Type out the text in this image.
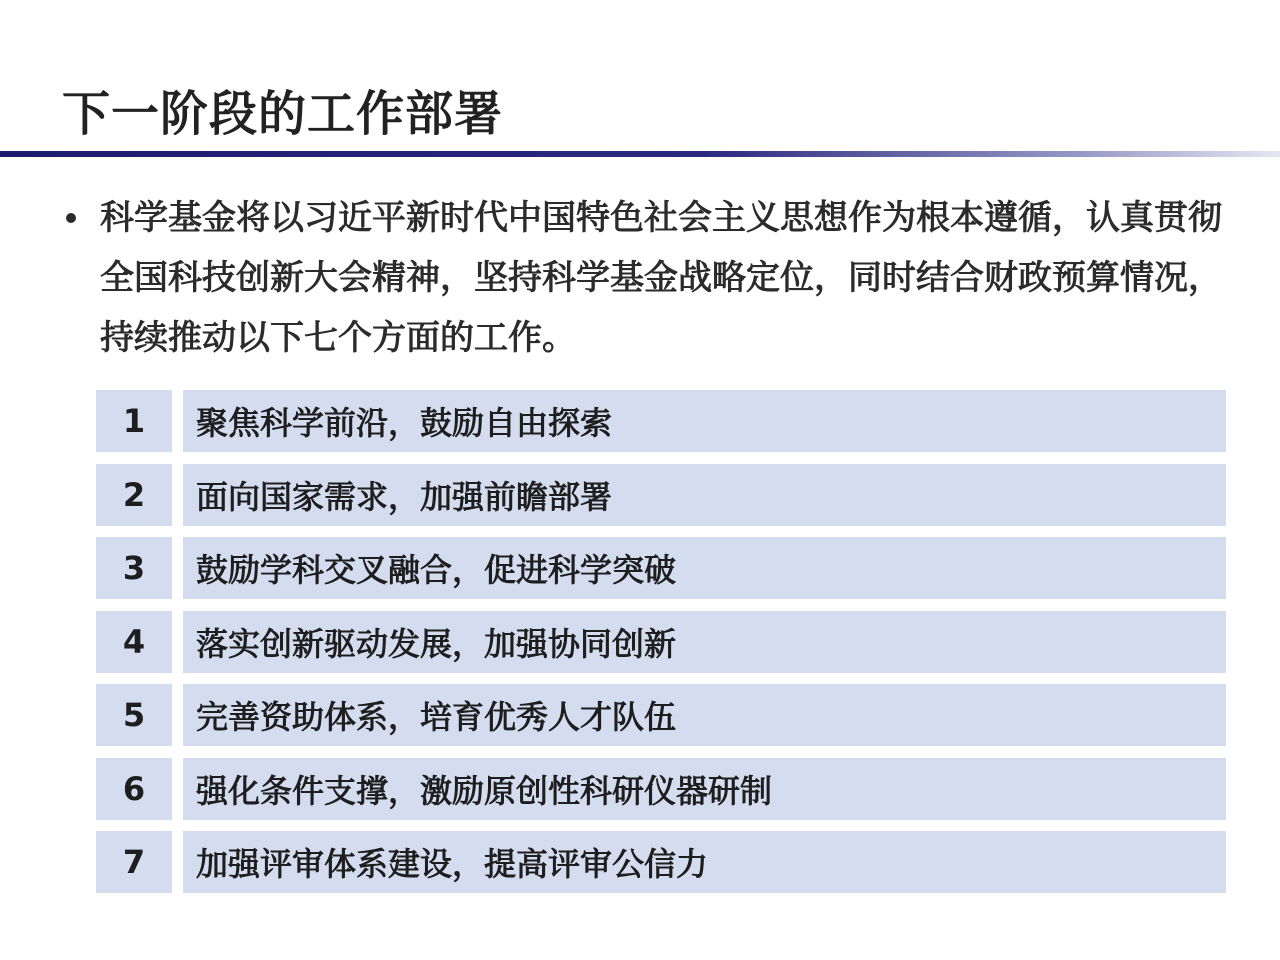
下一阶段的工作部署
科学基金将以习近平新时代中国特色社会主义思想作为根本遵循，认真贯彻全国科技创新大会精神，坚持科学基金战略定位，同时结合财政预算情况，持续推动以下七个方面的工作。
1	聚焦科学前沿，鼓励自由探索
2	面向国家需求，加强前瞻部署
3	鼓励学科交叉融合，促进科学突破
4	落实创新驱动发展，加强协同创新
5	完善资助体系，培育优秀人才队伍
6	强化条件支撑，激励原创性科研仪器研制
7	加强评审体系建设，提高评审公信力
